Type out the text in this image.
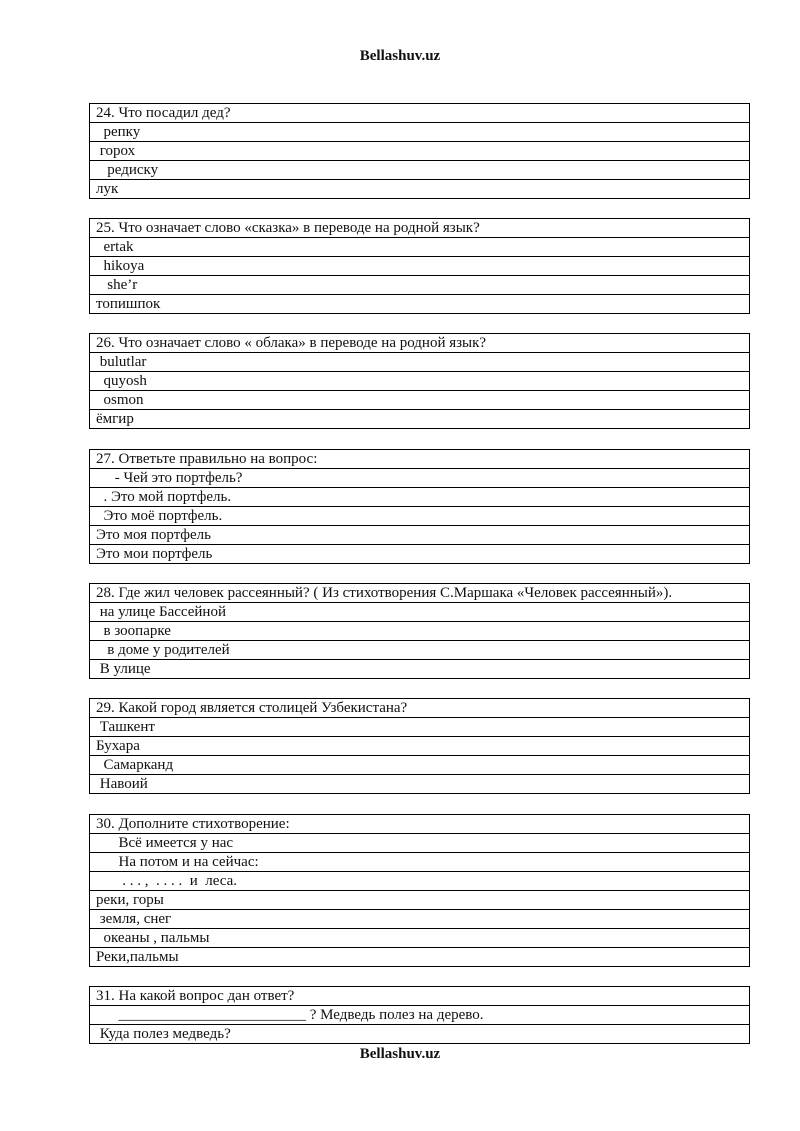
Bellashuv.uz
24. Что посадил дед?
репку
горох
редиску
лук
25. Что означает слово «сказка» в переводе на родной язык?
ertak
hikoya
she’r
топишпок
26. Что означает слово « облака» в переводе на родной язык?
bulutlar
quyosh
osmon
ёмгир
27. Ответьте правильно на вопрос:
- Чей это портфель?
. Это мой портфель.
Это моё портфель.
Это моя портфель
Это мои портфель
28. Где жил человек рассеянный? ( Из стихотворения С.Маршака «Человек рассеянный»).
на улице Бассейной
в зоопарке
в доме у родителей
В улице
29. Какой город является столицей Узбекистана?
Ташкент
Бухара
Самарканд
Навоий
30. Дополните стихотворение:
Всё имеется у нас
На потом и на сейчас:
. . . ,  . . . .  и  леса.
реки, горы
земля, снег
океаны , пальмы
Реки,пальмы
31. На какой вопрос дан ответ?
_________________________ ? Медведь полез на дерево.
Куда полез медведь?
Bellashuv.uz
